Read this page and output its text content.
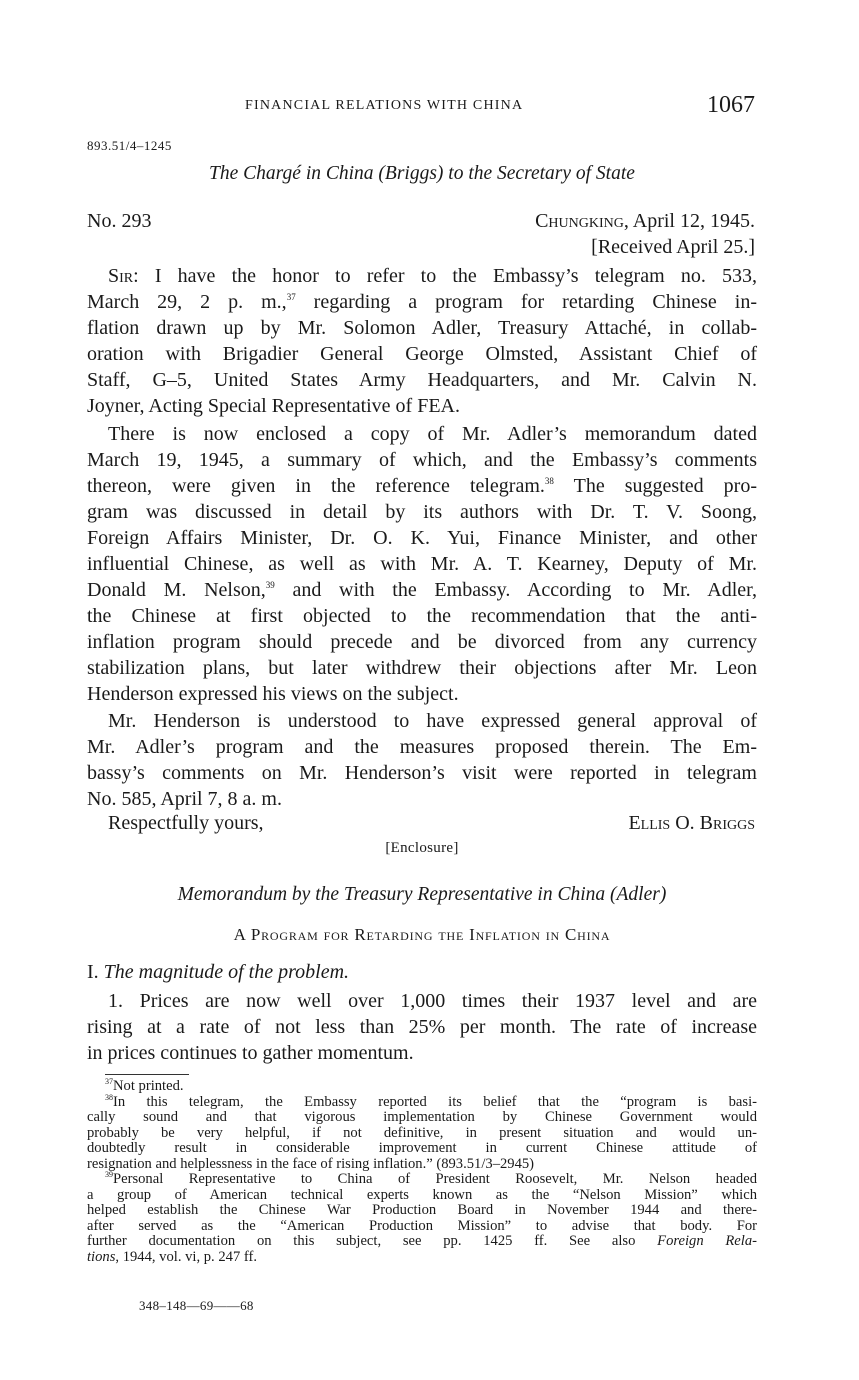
FINANCIAL RELATIONS WITH CHINA	1067
893.51/4–1245
The Chargé in China (Briggs) to the Secretary of State
No. 293	Chungking, April 12, 1945.
[Received April 25.]
Sir: I have the honor to refer to the Embassy’s telegram no. 533,
March 29, 2 p. m.,$^{37}$ regarding a program for retarding Chinese in-
flation drawn up by Mr. Solomon Adler, Treasury Attaché, in collab-
oration with Brigadier General George Olmsted, Assistant Chief of
Staff, G–5, United States Army Headquarters, and Mr. Calvin N.
Joyner, Acting Special Representative of FEA.
There is now enclosed a copy of Mr. Adler’s memorandum dated
March 19, 1945, a summary of which, and the Embassy’s comments
thereon, were given in the reference telegram.$^{38}$ The suggested pro-
gram was discussed in detail by its authors with Dr. T. V. Soong,
Foreign Affairs Minister, Dr. O. K. Yui, Finance Minister, and other
influential Chinese, as well as with Mr. A. T. Kearney, Deputy of Mr.
Donald M. Nelson,$^{39}$ and with the Embassy. According to Mr. Adler,
the Chinese at first objected to the recommendation that the anti-
inflation program should precede and be divorced from any currency
stabilization plans, but later withdrew their objections after Mr. Leon
Henderson expressed his views on the subject.
Mr. Henderson is understood to have expressed general approval of
Mr. Adler’s program and the measures proposed therein. The Em-
bassy’s comments on Mr. Henderson’s visit were reported in telegram
No. 585, April 7, 8 a. m.
Respectfully yours,	Ellis O. Briggs
[Enclosure]
Memorandum by the Treasury Representative in China (Adler)
A Program for Retarding the Inflation in China
I. The magnitude of the problem.
1. Prices are now well over 1,000 times their 1937 level and are
rising at a rate of not less than 25% per month. The rate of increase
in prices continues to gather momentum.
$^{37}$Not printed.
$^{38}$In this telegram, the Embassy reported its belief that the “program is basi-
cally sound and that vigorous implementation by Chinese Government would
probably be very helpful, if not definitive, in present situation and would un-
doubtedly result in considerable improvement in current Chinese attitude of
resignation and helplessness in the face of rising inflation.” (893.51/3–2945)
$^{39}$Personal Representative to China of President Roosevelt, Mr. Nelson headed
a group of American technical experts known as the “Nelson Mission” which
helped establish the Chinese War Production Board in November 1944 and there-
after served as the “American Production Mission” to advise that body. For
further documentation on this subject, see pp. 1425 ff. See also Foreign Rela-
tions, 1944, vol. vi, p. 247 ff.
348–148—69——68
